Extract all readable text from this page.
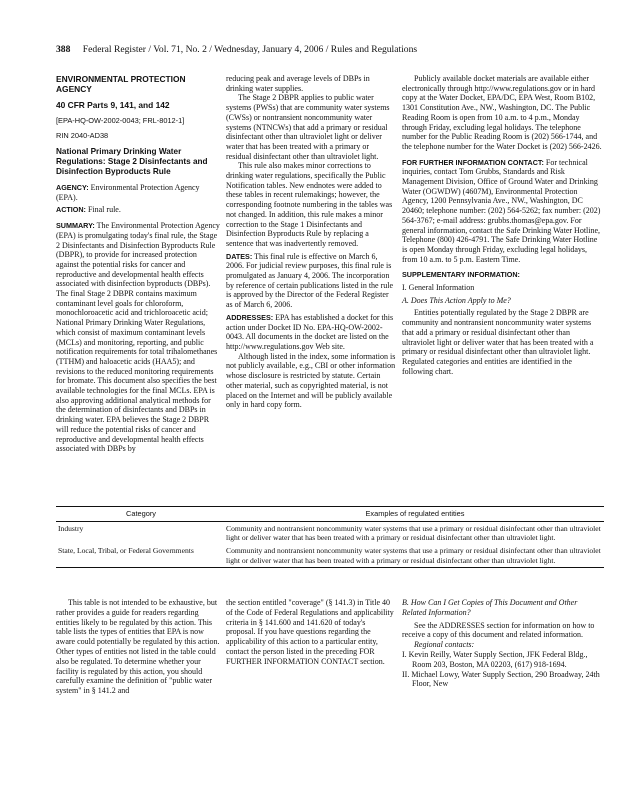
388 Federal Register / Vol. 71, No. 2 / Wednesday, January 4, 2006 / Rules and Regulations

ENVIRONMENTAL PROTECTION AGENCY

40 CFR Parts 9, 141, and 142

[EPA-HQ-OW-2002-0043; FRL-8012-1]

RIN 2040-AD38

National Primary Drinking Water Regulations: Stage 2 Disinfectants and Disinfection Byproducts Rule

AGENCY: Environmental Protection Agency (EPA).

ACTION: Final rule.

SUMMARY: The Environmental Protection Agency (EPA) is promulgating today's final rule, the Stage 2 Disinfectants and Disinfection Byproducts Rule (DBPR), to provide for increased protection against the potential risks for cancer and reproductive and developmental health effects associated with disinfection byproducts (DBPs). The final Stage 2 DBPR contains maximum contaminant level goals for chloroform, monochloroacetic acid and trichloroacetic acid; National Primary Drinking Water Regulations, which consist of maximum contaminant levels (MCLs) and monitoring, reporting, and public notification requirements for total trihalomethanes (TTHM) and haloacetic acids (HAA5); and revisions to the reduced monitoring requirements for bromate. This document also specifies the best available technologies for the final MCLs. EPA is also approving additional analytical methods for the determination of disinfectants and DBPs in drinking water. EPA believes the Stage 2 DBPR will reduce the potential risks of cancer and reproductive and developmental health effects associated with DBPs by

reducing peak and average levels of DBPs in drinking water supplies.

The Stage 2 DBPR applies to public water systems (PWSs) that are community water systems (CWSs) or nontransient noncommunity water systems (NTNCWs) that add a primary or residual disinfectant other than ultraviolet light or deliver water that has been treated with a primary or residual disinfectant other than ultraviolet light.

This rule also makes minor corrections to drinking water regulations, specifically the Public Notification tables. New endnotes were added to these tables in recent rulemakings; however, the corresponding footnote numbering in the tables was not changed. In addition, this rule makes a minor correction to the Stage 1 Disinfectants and Disinfection Byproducts Rule by replacing a sentence that was inadvertently removed.

DATES: This final rule is effective on March 6, 2006. For judicial review purposes, this final rule is promulgated as January 4, 2006. The incorporation by reference of certain publications listed in the rule is approved by the Director of the Federal Register as of March 6, 2006.

ADDRESSES: EPA has established a docket for this action under Docket ID No. EPA-HQ-OW-2002-0043. All documents in the docket are listed on the http://www.regulations.gov Web site.

Although listed in the index, some information is not publicly available, e.g., CBI or other information whose disclosure is restricted by statute. Certain other material, such as copyrighted material, is not placed on the Internet and will be publicly available only in hard copy form.

Publicly available docket materials are available either electronically through http://www.regulations.gov or in hard copy at the Water Docket, EPA/DC, EPA West, Room B102, 1301 Constitution Ave., NW., Washington, DC. The Public Reading Room is open from 10 a.m. to 4 p.m., Monday through Friday, excluding legal holidays. The telephone number for the Public Reading Room is (202) 566-1744, and the telephone number for the Water Docket is (202) 566-2426.

FOR FURTHER INFORMATION CONTACT: For technical inquiries, contact Tom Grubbs, Standards and Risk Management Division, Office of Ground Water and Drinking Water (OGWDW) (4607M), Environmental Protection Agency, 1200 Pennsylvania Ave., NW., Washington, DC 20460; telephone number: (202) 564-5262; fax number: (202) 564-3767; e-mail address: grubbs.thomas@epa.gov. For general information, contact the Safe Drinking Water Hotline, Telephone (800) 426-4791. The Safe Drinking Water Hotline is open Monday through Friday, excluding legal holidays, from 10 a.m. to 5 p.m. Eastern Time.

SUPPLEMENTARY INFORMATION:

I. General Information

A. Does This Action Apply to Me?

Entities potentially regulated by the Stage 2 DBPR are community and nontransient noncommunity water systems that add a primary or residual disinfectant other than ultraviolet light or deliver water that has been treated with a primary or residual disinfectant other than ultraviolet light. Regulated categories and entities are identified in the following chart.

Category	Examples of regulated entities
Industry	Community and nontransient noncommunity water systems that use a primary or residual disinfectant other than ultraviolet light or deliver water that has been treated with a primary or residual disinfectant other than ultraviolet light.
State, Local, Tribal, or Federal Governments	Community and nontransient noncommunity water systems that use a primary or residual disinfectant other than ultraviolet light or deliver water that has been treated with a primary or residual disinfectant other than ultraviolet light.

This table is not intended to be exhaustive, but rather provides a guide for readers regarding entities likely to be regulated by this action. This table lists the types of entities that EPA is now aware could potentially be regulated by this action. Other types of entities not listed in the table could also be regulated. To determine whether your facility is regulated by this action, you should carefully examine the definition of "public water system" in § 141.2 and

the section entitled "coverage" (§ 141.3) in Title 40 of the Code of Federal Regulations and applicability criteria in § 141.600 and 141.620 of today's proposal. If you have questions regarding the applicability of this action to a particular entity, contact the person listed in the preceding FOR FURTHER INFORMATION CONTACT section.

B. How Can I Get Copies of This Document and Other Related Information?

See the ADDRESSES section for information on how to receive a copy of this document and related information.

Regional contacts:

I. Kevin Reilly, Water Supply Section, JFK Federal Bldg., Room 203, Boston, MA 02203, (617) 918-1694.

II. Michael Lowy, Water Supply Section, 290 Broadway, 24th Floor, New
